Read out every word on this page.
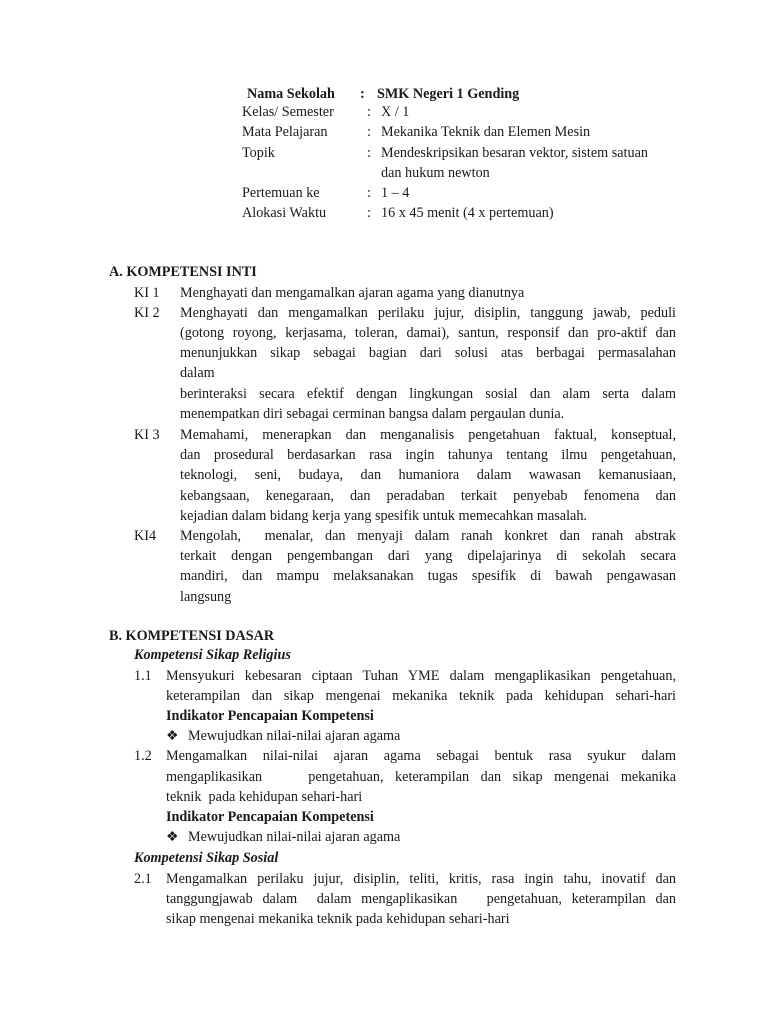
Nama Sekolah : SMK Negeri 1 Gending
Kelas/ Semester : X / 1
Mata Pelajaran	: Mekanika Teknik dan Elemen Mesin
Topik	: Mendeskripsikan besaran vektor, sistem satuan
dan hukum newton
Pertemuan ke	: 1 – 4
Alokasi Waktu	: 16 x 45 menit (4 x pertemuan)
A. KOMPETENSI INTI
KI 1 Menghayati dan mengamalkan ajaran agama yang dianutnya
KI 2 Menghayati dan mengamalkan perilaku jujur, disiplin, tanggung jawab, peduli
(gotong royong, kerjasama, toleran, damai), santun, responsif dan pro-aktif dan
menunjukkan sikap sebagai bagian dari solusi atas berbagai permasalahan
dalam
berinteraksi secara efektif dengan lingkungan sosial dan alam serta dalam
menempatkan diri sebagai cerminan bangsa dalam pergaulan dunia.
KI 3 Memahami, menerapkan dan menganalisis pengetahuan faktual, konseptual,
dan prosedural berdasarkan rasa ingin tahunya tentang ilmu pengetahuan,
teknologi, seni, budaya, dan humaniora dalam wawasan kemanusiaan,
kebangsaan, kenegaraan, dan peradaban terkait penyebab fenomena dan
kejadian dalam bidang kerja yang spesifik untuk memecahkan masalah.
KI4 Mengolah,  menalar, dan menyaji dalam ranah konkret dan ranah abstrak
terkait dengan pengembangan dari yang dipelajarinya di sekolah secara
mandiri, dan mampu melaksanakan tugas spesifik di bawah pengawasan
langsung
B. KOMPETENSI DASAR
Kompetensi Sikap Religius
1.1 Mensyukuri kebesaran ciptaan Tuhan YME dalam mengaplikasikan pengetahuan,
keterampilan dan sikap mengenai mekanika teknik pada kehidupan sehari-hari
Indikator Pencapaian Kompetensi
❖ Mewujudkan nilai-nilai ajaran agama
1.2 Mengamalkan nilai-nilai ajaran agama sebagai bentuk rasa syukur dalam
mengaplikasikan    pengetahuan, keterampilan dan sikap mengenai mekanika
teknik  pada kehidupan sehari-hari
Indikator Pencapaian Kompetensi
❖ Mewujudkan nilai-nilai ajaran agama
Kompetensi Sikap Sosial
2.1 Mengamalkan perilaku jujur, disiplin, teliti, kritis, rasa ingin tahu, inovatif dan
tanggungjawab dalam  dalam mengaplikasikan   pengetahuan, keterampilan dan
sikap mengenai mekanika teknik pada kehidupan sehari-hari
